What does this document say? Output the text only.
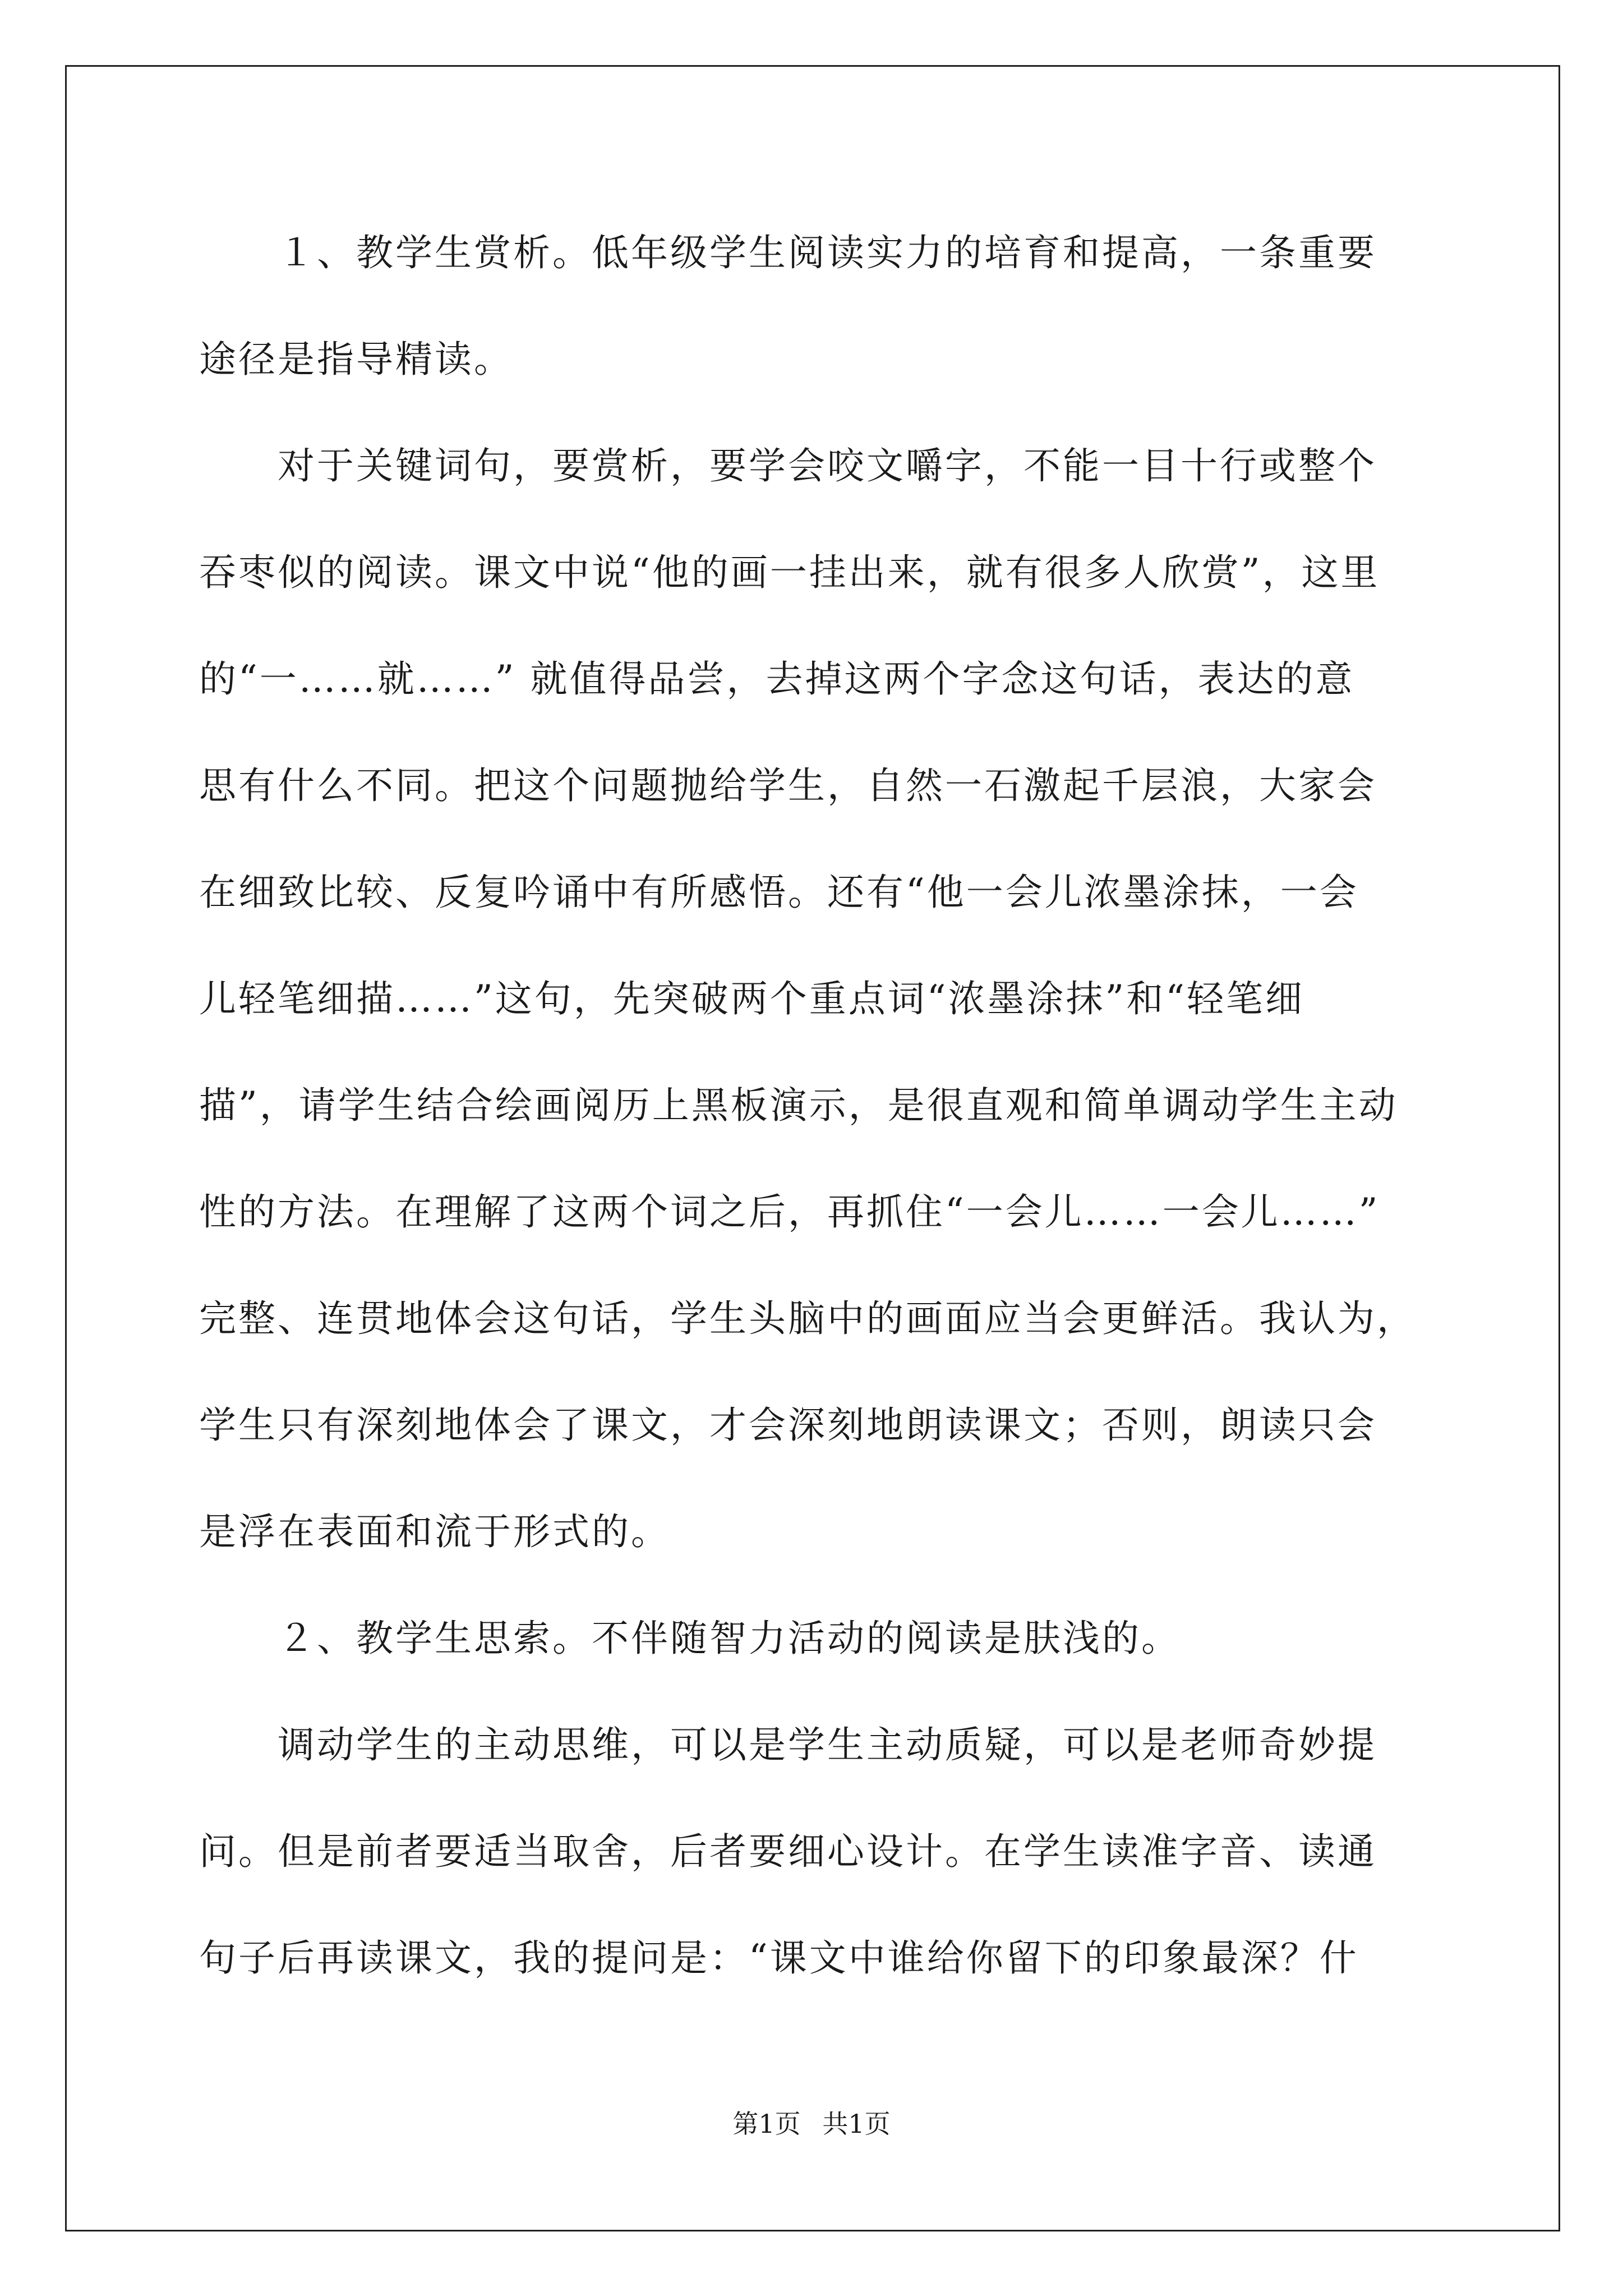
１、教学生赏析。低年级学生阅读实力的培育和提高，一条重要
途径是指导精读。
对于关键词句，要赏析，要学会咬文嚼字，不能一目十行或整个
吞枣似的阅读。课文中说“他的画一挂出来，就有很多人欣赏”，这里
的“一……就……” 就值得品尝，去掉这两个字念这句话，表达的意
思有什么不同。把这个问题抛给学生，自然一石激起千层浪，大家会
在细致比较、反复吟诵中有所感悟。还有“他一会儿浓墨涂抹，一会
儿轻笔细描……”这句，先突破两个重点词“浓墨涂抹”和“轻笔细
描”，请学生结合绘画阅历上黑板演示，是很直观和简单调动学生主动
性的方法。在理解了这两个词之后，再抓住“一会儿……一会儿……”
完整、连贯地体会这句话，学生头脑中的画面应当会更鲜活。我认为，
学生只有深刻地体会了课文，才会深刻地朗读课文；否则，朗读只会
是浮在表面和流于形式的。
２、教学生思索。不伴随智力活动的阅读是肤浅的。
调动学生的主动思维，可以是学生主动质疑，可以是老师奇妙提
问。但是前者要适当取舍，后者要细心设计。在学生读准字音、读通
句子后再读课文，我的提问是：“课文中谁给你留下的印象最深？什
第1页 共1页
